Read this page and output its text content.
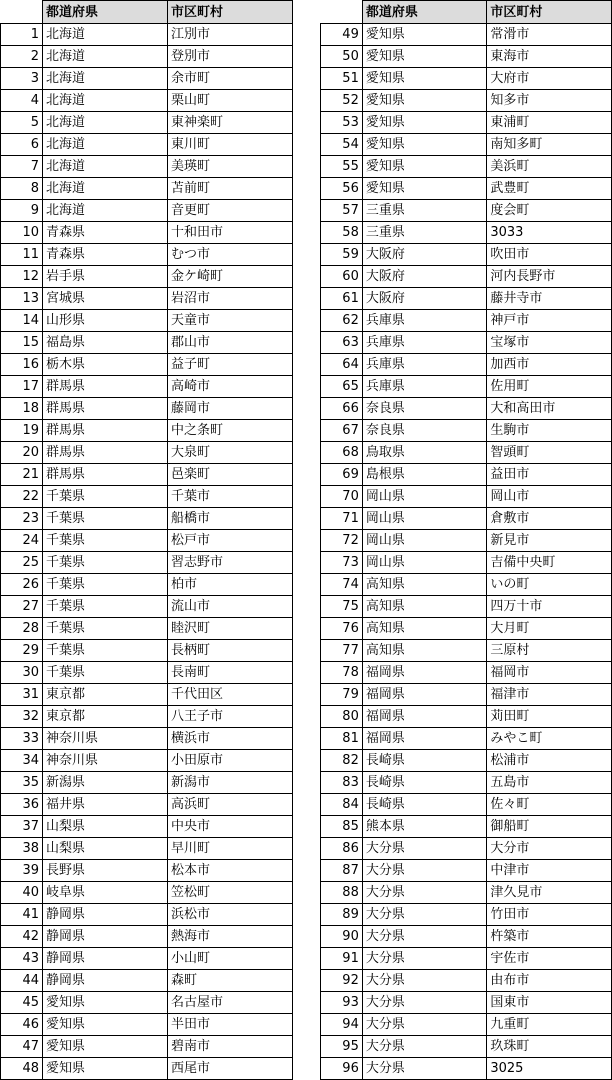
	都道府県	市区町村
1	北海道	江別市
2	北海道	登別市
3	北海道	余市町
4	北海道	栗山町
5	北海道	東神楽町
6	北海道	東川町
7	北海道	美瑛町
8	北海道	苫前町
9	北海道	音更町
10	青森県	十和田市
11	青森県	むつ市
12	岩手県	金ケ崎町
13	宮城県	岩沼市
14	山形県	天童市
15	福島県	郡山市
16	栃木県	益子町
17	群馬県	高崎市
18	群馬県	藤岡市
19	群馬県	中之条町
20	群馬県	大泉町
21	群馬県	邑楽町
22	千葉県	千葉市
23	千葉県	船橋市
24	千葉県	松戸市
25	千葉県	習志野市
26	千葉県	柏市
27	千葉県	流山市
28	千葉県	睦沢町
29	千葉県	長柄町
30	千葉県	長南町
31	東京都	千代田区
32	東京都	八王子市
33	神奈川県	横浜市
34	神奈川県	小田原市
35	新潟県	新潟市
36	福井県	高浜町
37	山梨県	中央市
38	山梨県	早川町
39	長野県	松本市
40	岐阜県	笠松町
41	静岡県	浜松市
42	静岡県	熱海市
43	静岡県	小山町
44	静岡県	森町
45	愛知県	名古屋市
46	愛知県	半田市
47	愛知県	碧南市
48	愛知県	西尾市
	都道府県	市区町村
49	愛知県	常滑市
50	愛知県	東海市
51	愛知県	大府市
52	愛知県	知多市
53	愛知県	東浦町
54	愛知県	南知多町
55	愛知県	美浜町
56	愛知県	武豊町
57	三重県	度会町
58	三重県	3033
59	大阪府	吹田市
60	大阪府	河内長野市
61	大阪府	藤井寺市
62	兵庫県	神戸市
63	兵庫県	宝塚市
64	兵庫県	加西市
65	兵庫県	佐用町
66	奈良県	大和高田市
67	奈良県	生駒市
68	鳥取県	智頭町
69	島根県	益田市
70	岡山県	岡山市
71	岡山県	倉敷市
72	岡山県	新見市
73	岡山県	吉備中央町
74	高知県	いの町
75	高知県	四万十市
76	高知県	大月町
77	高知県	三原村
78	福岡県	福岡市
79	福岡県	福津市
80	福岡県	苅田町
81	福岡県	みやこ町
82	長崎県	松浦市
83	長崎県	五島市
84	長崎県	佐々町
85	熊本県	御船町
86	大分県	大分市
87	大分県	中津市
88	大分県	津久見市
89	大分県	竹田市
90	大分県	杵築市
91	大分県	宇佐市
92	大分県	由布市
93	大分県	国東市
94	大分県	九重町
95	大分県	玖珠町
96	大分県	3025
